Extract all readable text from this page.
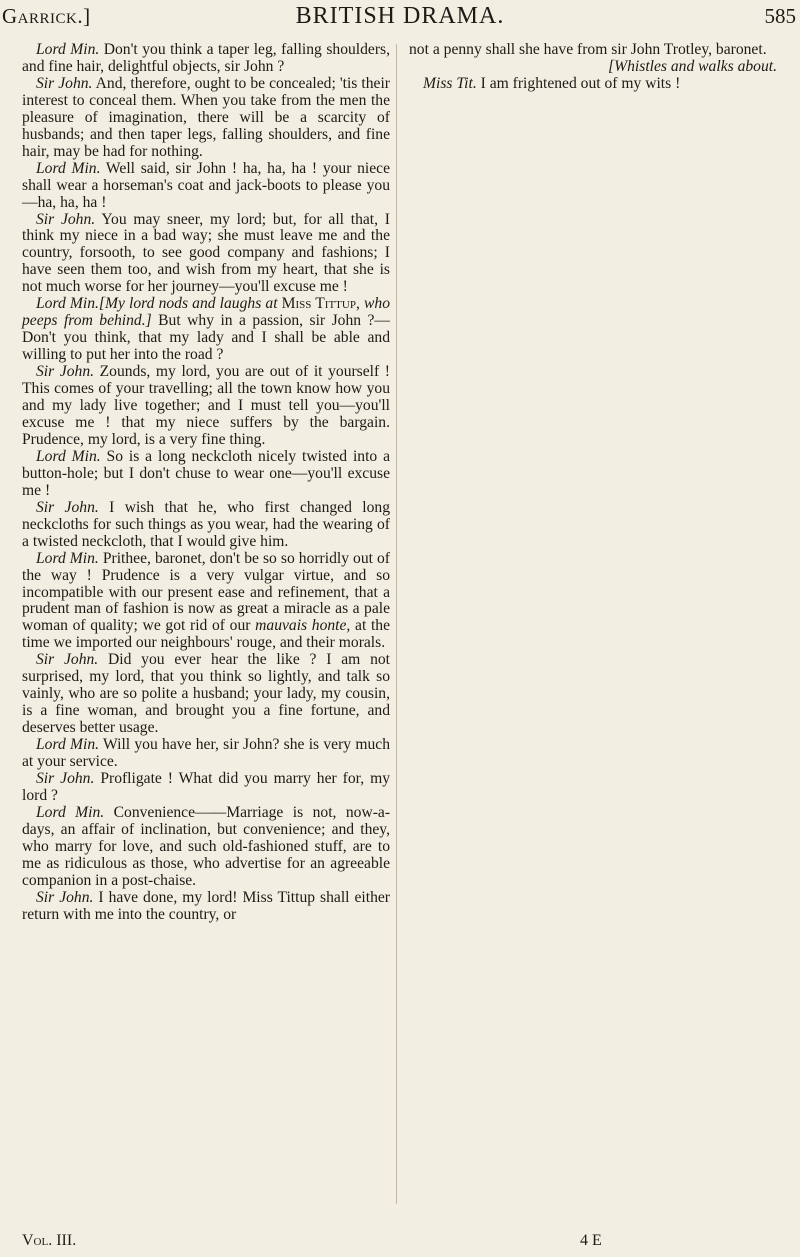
Garrick.]	BRITISH DRAMA.	585

Lord Min. Don't you think a taper leg, falling shoulders, and fine hair, delightful objects, sir John ?

Sir John. And, therefore, ought to be concealed; 'tis their interest to conceal them. When you take from the men the pleasure of imagination, there will be a scarcity of husbands; and then taper legs, falling shoulders, and fine hair, may be had for nothing.

Lord Min. Well said, sir John ! ha, ha, ha ! your niece shall wear a horseman's coat and jack-boots to please you—ha, ha, ha !

Sir John. You may sneer, my lord; but, for all that, I think my niece in a bad way; she must leave me and the country, forsooth, to see good company and fashions; I have seen them too, and wish from my heart, that she is not much worse for her journey—you'll excuse me !

Lord Min.[My lord nods and laughs at Miss Tittup, who peeps from behind.] But why in a passion, sir John ?— Don't you think, that my lady and I shall be able and willing to put her into the road ?

Sir John. Zounds, my lord, you are out of it yourself ! This comes of your travelling; all the town know how you and my lady live together; and I must tell you—you'll excuse me ! that my niece suffers by the bargain. Prudence, my lord, is a very fine thing.

Lord Min. So is a long neckcloth nicely twisted into a button-hole; but I don't chuse to wear one—you'll excuse me !

Sir John. I wish that he, who first changed long neckcloths for such things as you wear, had the wearing of a twisted neckcloth, that I would give him.

Lord Min. Prithee, baronet, don't be so so horridly out of the way ! Prudence is a very vulgar virtue, and so incompatible with our present ease and refinement, that a prudent man of fashion is now as great a miracle as a pale woman of quality; we got rid of our mauvais honte, at the time we imported our neighbours' rouge, and their morals.

Sir John. Did you ever hear the like ? I am not surprised, my lord, that you think so lightly, and talk so vainly, who are so polite a husband; your lady, my cousin, is a fine woman, and brought you a fine fortune, and deserves better usage.

Lord Min. Will you have her, sir John? she is very much at your service.

Sir John. Profligate ! What did you marry her for, my lord ?

Lord Min. Convenience——Marriage is not, now-a-days, an affair of inclination, but convenience; and they, who marry for love, and such old-fashioned stuff, are to me as ridiculous as those, who advertise for an agreeable companion in a post-chaise.

Sir John. I have done, my lord! Miss Tittup shall either return with me into the country, or

not a penny shall she have from sir John Trotley, baronet.
[Whistles and walks about.

Miss Tit. I am frightened out of my wits !

Vol. III.	4 E
